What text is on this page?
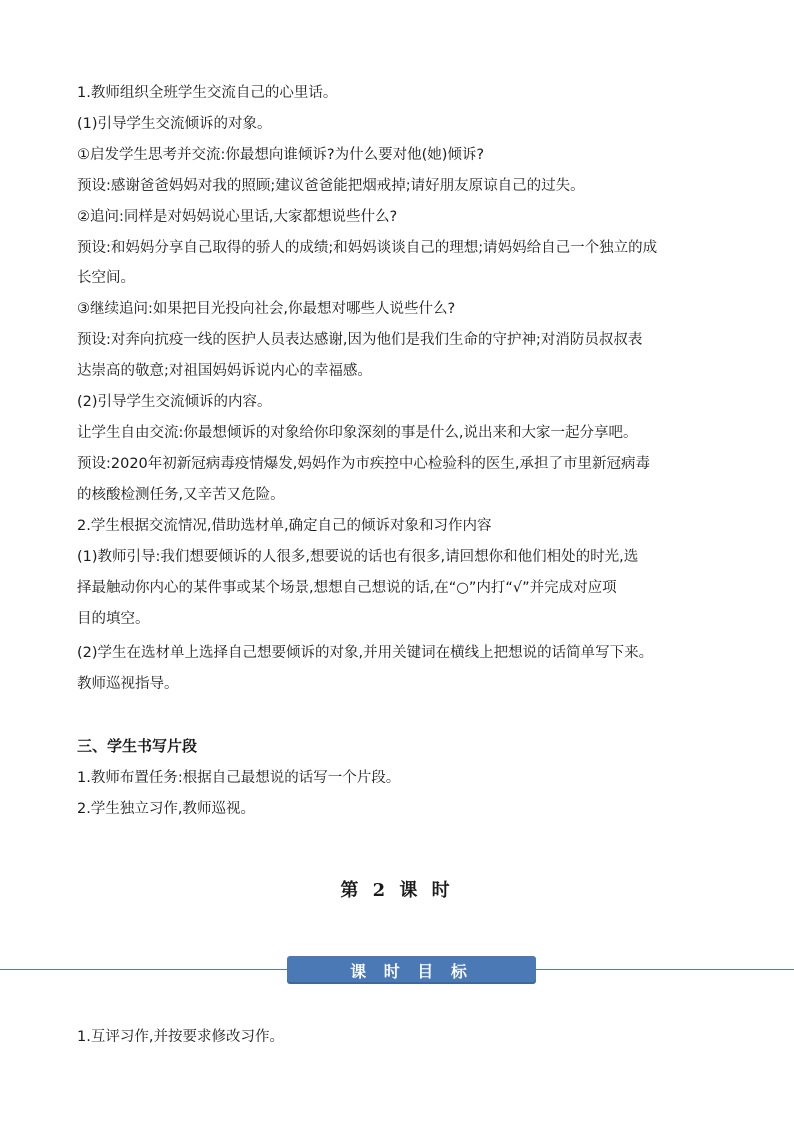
1.教师组织全班学生交流自己的心里话。
(1)引导学生交流倾诉的对象。
①启发学生思考并交流:你最想向谁倾诉?为什么要对他(她)倾诉?
预设:感谢爸爸妈妈对我的照顾;建议爸爸能把烟戒掉;请好朋友原谅自己的过失。
②追问:同样是对妈妈说心里话,大家都想说些什么?
预设:和妈妈分享自己取得的骄人的成绩;和妈妈谈谈自己的理想;请妈妈给自己一个独立的成
长空间。
③继续追问:如果把目光投向社会,你最想对哪些人说些什么?
预设:对奔向抗疫一线的医护人员表达感谢,因为他们是我们生命的守护神;对消防员叔叔表
达崇高的敬意;对祖国妈妈诉说内心的幸福感。
(2)引导学生交流倾诉的内容。
让学生自由交流:你最想倾诉的对象给你印象深刻的事是什么,说出来和大家一起分享吧。
预设:2020年初新冠病毒疫情爆发,妈妈作为市疾控中心检验科的医生,承担了市里新冠病毒
的核酸检测任务,又辛苦又危险。
2.学生根据交流情况,借助选材单,确定自己的倾诉对象和习作内容
(1)教师引导:我们想要倾诉的人很多,想要说的话也有很多,请回想你和他们相处的时光,选
择最触动你内心的某件事或某个场景,想想自己想说的话,在“○”内打“√”并完成对应项
目的填空。
(2)学生在选材单上选择自己想要倾诉的对象,并用关键词在横线上把想说的话简单写下来。
教师巡视指导。
三、学生书写片段
1.教师布置任务:根据自己最想说的话写一个片段。
2.学生独立习作,教师巡视。
第 2 课 时
课 时 目 标
1.互评习作,并按要求修改习作。
